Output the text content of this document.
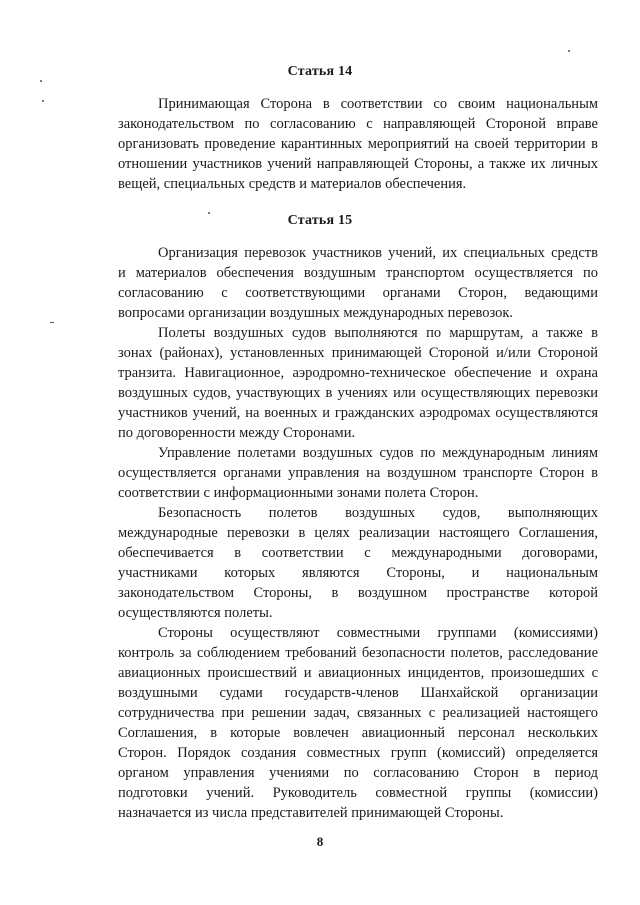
Статья 14
Принимающая Сторона в соответствии со своим национальным
законодательством по согласованию с направляющей Стороной вправе
организовать проведение карантинных мероприятий на своей территории в
отношении участников учений направляющей Стороны, а также их личных
вещей, специальных средств и материалов обеспечения.
Статья 15
Организация перевозок участников учений, их специальных средств
и материалов обеспечения воздушным транспортом осуществляется по
согласованию с соответствующими органами Сторон, ведающими
вопросами организации воздушных международных перевозок.
Полеты воздушных судов выполняются по маршрутам, а также в
зонах (районах), установленных принимающей Стороной и/или Стороной
транзита. Навигационное, аэродромно-техническое обеспечение и охрана
воздушных судов, участвующих в учениях или осуществляющих перевозки
участников учений, на военных и гражданских аэродромах осуществляются
по договоренности между Сторонами.
Управление полетами воздушных судов по международным линиям
осуществляется органами управления на воздушном транспорте Сторон в
соответствии с информационными зонами полета Сторон.
Безопасность полетов воздушных судов, выполняющих
международные перевозки в целях реализации настоящего Соглашения,
обеспечивается в соответствии с международными договорами,
участниками которых являются Стороны, и национальным
законодательством Стороны, в воздушном пространстве которой
осуществляются полеты.
Стороны осуществляют совместными группами (комиссиями)
контроль за соблюдением требований безопасности полетов, расследование
авиационных происшествий и авиационных инцидентов, произошедших с
воздушными судами государств-членов Шанхайской организации
сотрудничества при решении задач, связанных с реализацией настоящего
Соглашения, в которые вовлечен авиационный персонал нескольких
Сторон. Порядок создания совместных групп (комиссий) определяется
органом управления учениями по согласованию Сторон в период
подготовки учений. Руководитель совместной группы (комиссии)
назначается из числа представителей принимающей Стороны.
8
